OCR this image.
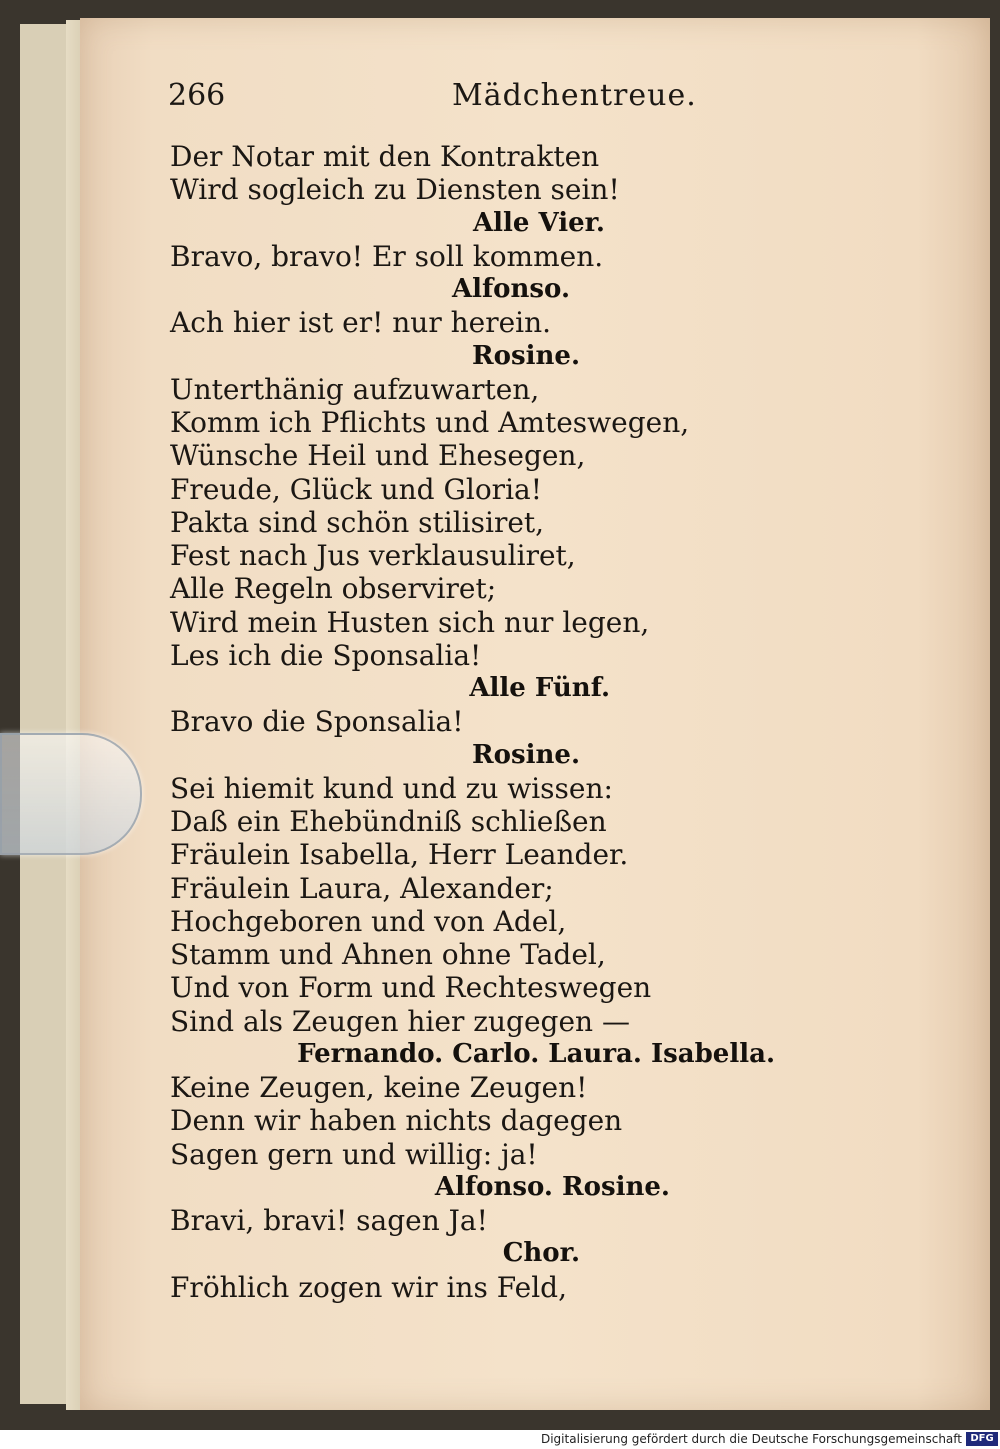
266	Mädchentreue.
Der Notar mit den Kontrakten
Wird sogleich zu Diensten sein!
Alle Vier.
Bravo, bravo! Er soll kommen.
Alfonso.
Ach hier ist er! nur herein.
Rosine.
Unterthänig aufzuwarten,
Komm ich Pflichts und Amteswegen,
Wünsche Heil und Ehesegen,
Freude, Glück und Gloria!
Pakta sind schön stilisiret,
Fest nach Jus verklausuliret,
Alle Regeln observiret;
Wird mein Husten sich nur legen,
Les ich die Sponsalia!
Alle Fünf.
Bravo die Sponsalia!
Rosine.
Sei hiemit kund und zu wissen:
Daß ein Ehebündniß schließen
Fräulein Isabella, Herr Leander.
Fräulein Laura, Alexander;
Hochgeboren und von Adel,
Stamm und Ahnen ohne Tadel,
Und von Form und Rechteswegen
Sind als Zeugen hier zugegen —
Fernando. Carlo. Laura. Isabella.
Keine Zeugen, keine Zeugen!
Denn wir haben nichts dagegen
Sagen gern und willig: ja!
Alfonso. Rosine.
Bravi, bravi! sagen Ja!
Chor.
Fröhlich zogen wir ins Feld,
Digitalisierung gefördert durch die Deutsche Forschungsgemeinschaft DFG
